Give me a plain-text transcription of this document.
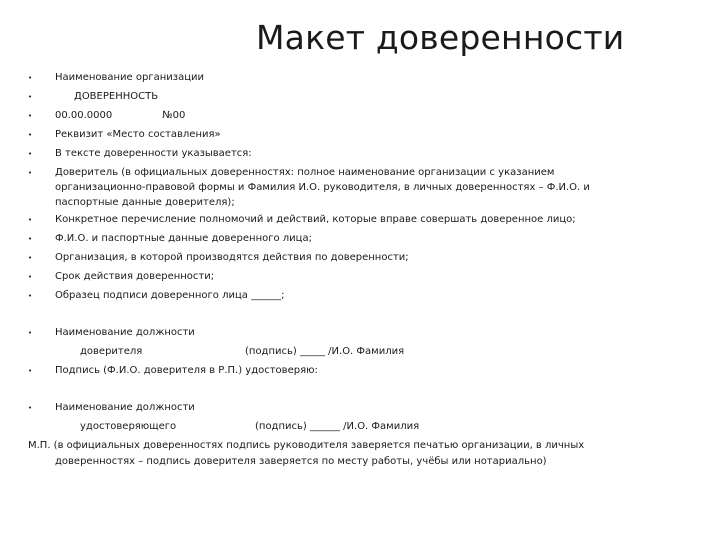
Макет доверенности
•
•
•
•
•
•
•
•
•
•
•
•
•
•
Наименование организации
ДОВЕРЕННОСТЬ
00.00.0000	№00
Реквизит «Место составления»
В тексте доверенности указывается:
Доверитель (в официальных доверенностях: полное наименование организации с указанием
организационно-правовой формы и Фамилия И.О. руководителя, в личных доверенностях – Ф.И.О. и
паспортные данные доверителя);
Конкретное перечисление полномочий и действий, которые вправе совершать доверенное лицо;
Ф.И.О. и паспортные данные доверенного лица;
Организация, в которой производятся действия по доверенности;
Срок действия доверенности;
Образец подписи доверенного лица ______;
Наименование должности
доверителя	(подпись) _____ /И.О. Фамилия
Подпись (Ф.И.О. доверителя в Р.П.) удостоверяю:
Наименование должности
удостоверяющего	(подпись) ______ /И.О. Фамилия
М.П. (в официальных доверенностях подпись руководителя заверяется печатью организации, в личных
доверенностях – подпись доверителя заверяется по месту работы, учёбы или нотариально)
